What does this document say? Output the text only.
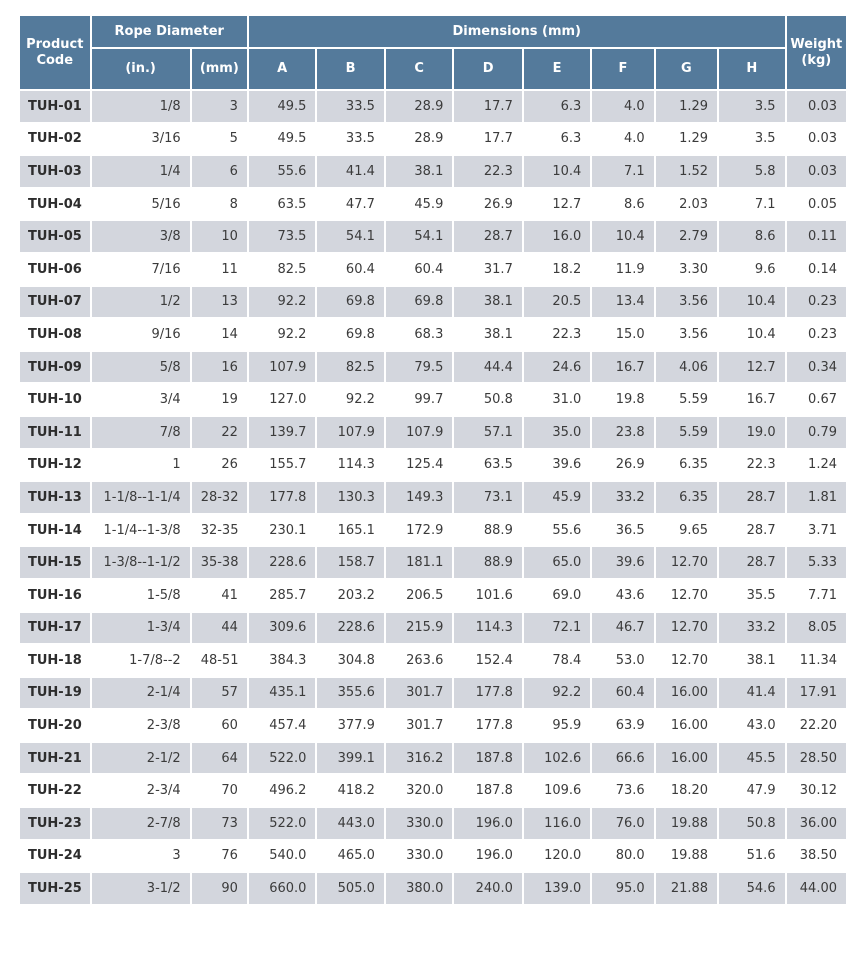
Product Code	Rope Diameter		Dimensions (mm)								Weight (kg)
	(in.)	(mm)	A	B	C	D	E	F	G	H	
TUH-01	1/8	3	49.5	33.5	28.9	17.7	6.3	4.0	1.29	3.5	0.03
TUH-02	3/16	5	49.5	33.5	28.9	17.7	6.3	4.0	1.29	3.5	0.03
TUH-03	1/4	6	55.6	41.4	38.1	22.3	10.4	7.1	1.52	5.8	0.03
TUH-04	5/16	8	63.5	47.7	45.9	26.9	12.7	8.6	2.03	7.1	0.05
TUH-05	3/8	10	73.5	54.1	54.1	28.7	16.0	10.4	2.79	8.6	0.11
TUH-06	7/16	11	82.5	60.4	60.4	31.7	18.2	11.9	3.30	9.6	0.14
TUH-07	1/2	13	92.2	69.8	69.8	38.1	20.5	13.4	3.56	10.4	0.23
TUH-08	9/16	14	92.2	69.8	68.3	38.1	22.3	15.0	3.56	10.4	0.23
TUH-09	5/8	16	107.9	82.5	79.5	44.4	24.6	16.7	4.06	12.7	0.34
TUH-10	3/4	19	127.0	92.2	99.7	50.8	31.0	19.8	5.59	16.7	0.67
TUH-11	7/8	22	139.7	107.9	107.9	57.1	35.0	23.8	5.59	19.0	0.79
TUH-12	1	26	155.7	114.3	125.4	63.5	39.6	26.9	6.35	22.3	1.24
TUH-13	1-1/8--1-1/4	28-32	177.8	130.3	149.3	73.1	45.9	33.2	6.35	28.7	1.81
TUH-14	1-1/4--1-3/8	32-35	230.1	165.1	172.9	88.9	55.6	36.5	9.65	28.7	3.71
TUH-15	1-3/8--1-1/2	35-38	228.6	158.7	181.1	88.9	65.0	39.6	12.70	28.7	5.33
TUH-16	1-5/8	41	285.7	203.2	206.5	101.6	69.0	43.6	12.70	35.5	7.71
TUH-17	1-3/4	44	309.6	228.6	215.9	114.3	72.1	46.7	12.70	33.2	8.05
TUH-18	1-7/8--2	48-51	384.3	304.8	263.6	152.4	78.4	53.0	12.70	38.1	11.34
TUH-19	2-1/4	57	435.1	355.6	301.7	177.8	92.2	60.4	16.00	41.4	17.91
TUH-20	2-3/8	60	457.4	377.9	301.7	177.8	95.9	63.9	16.00	43.0	22.20
TUH-21	2-1/2	64	522.0	399.1	316.2	187.8	102.6	66.6	16.00	45.5	28.50
TUH-22	2-3/4	70	496.2	418.2	320.0	187.8	109.6	73.6	18.20	47.9	30.12
TUH-23	2-7/8	73	522.0	443.0	330.0	196.0	116.0	76.0	19.88	50.8	36.00
TUH-24	3	76	540.0	465.0	330.0	196.0	120.0	80.0	19.88	51.6	38.50
TUH-25	3-1/2	90	660.0	505.0	380.0	240.0	139.0	95.0	21.88	54.6	44.00
